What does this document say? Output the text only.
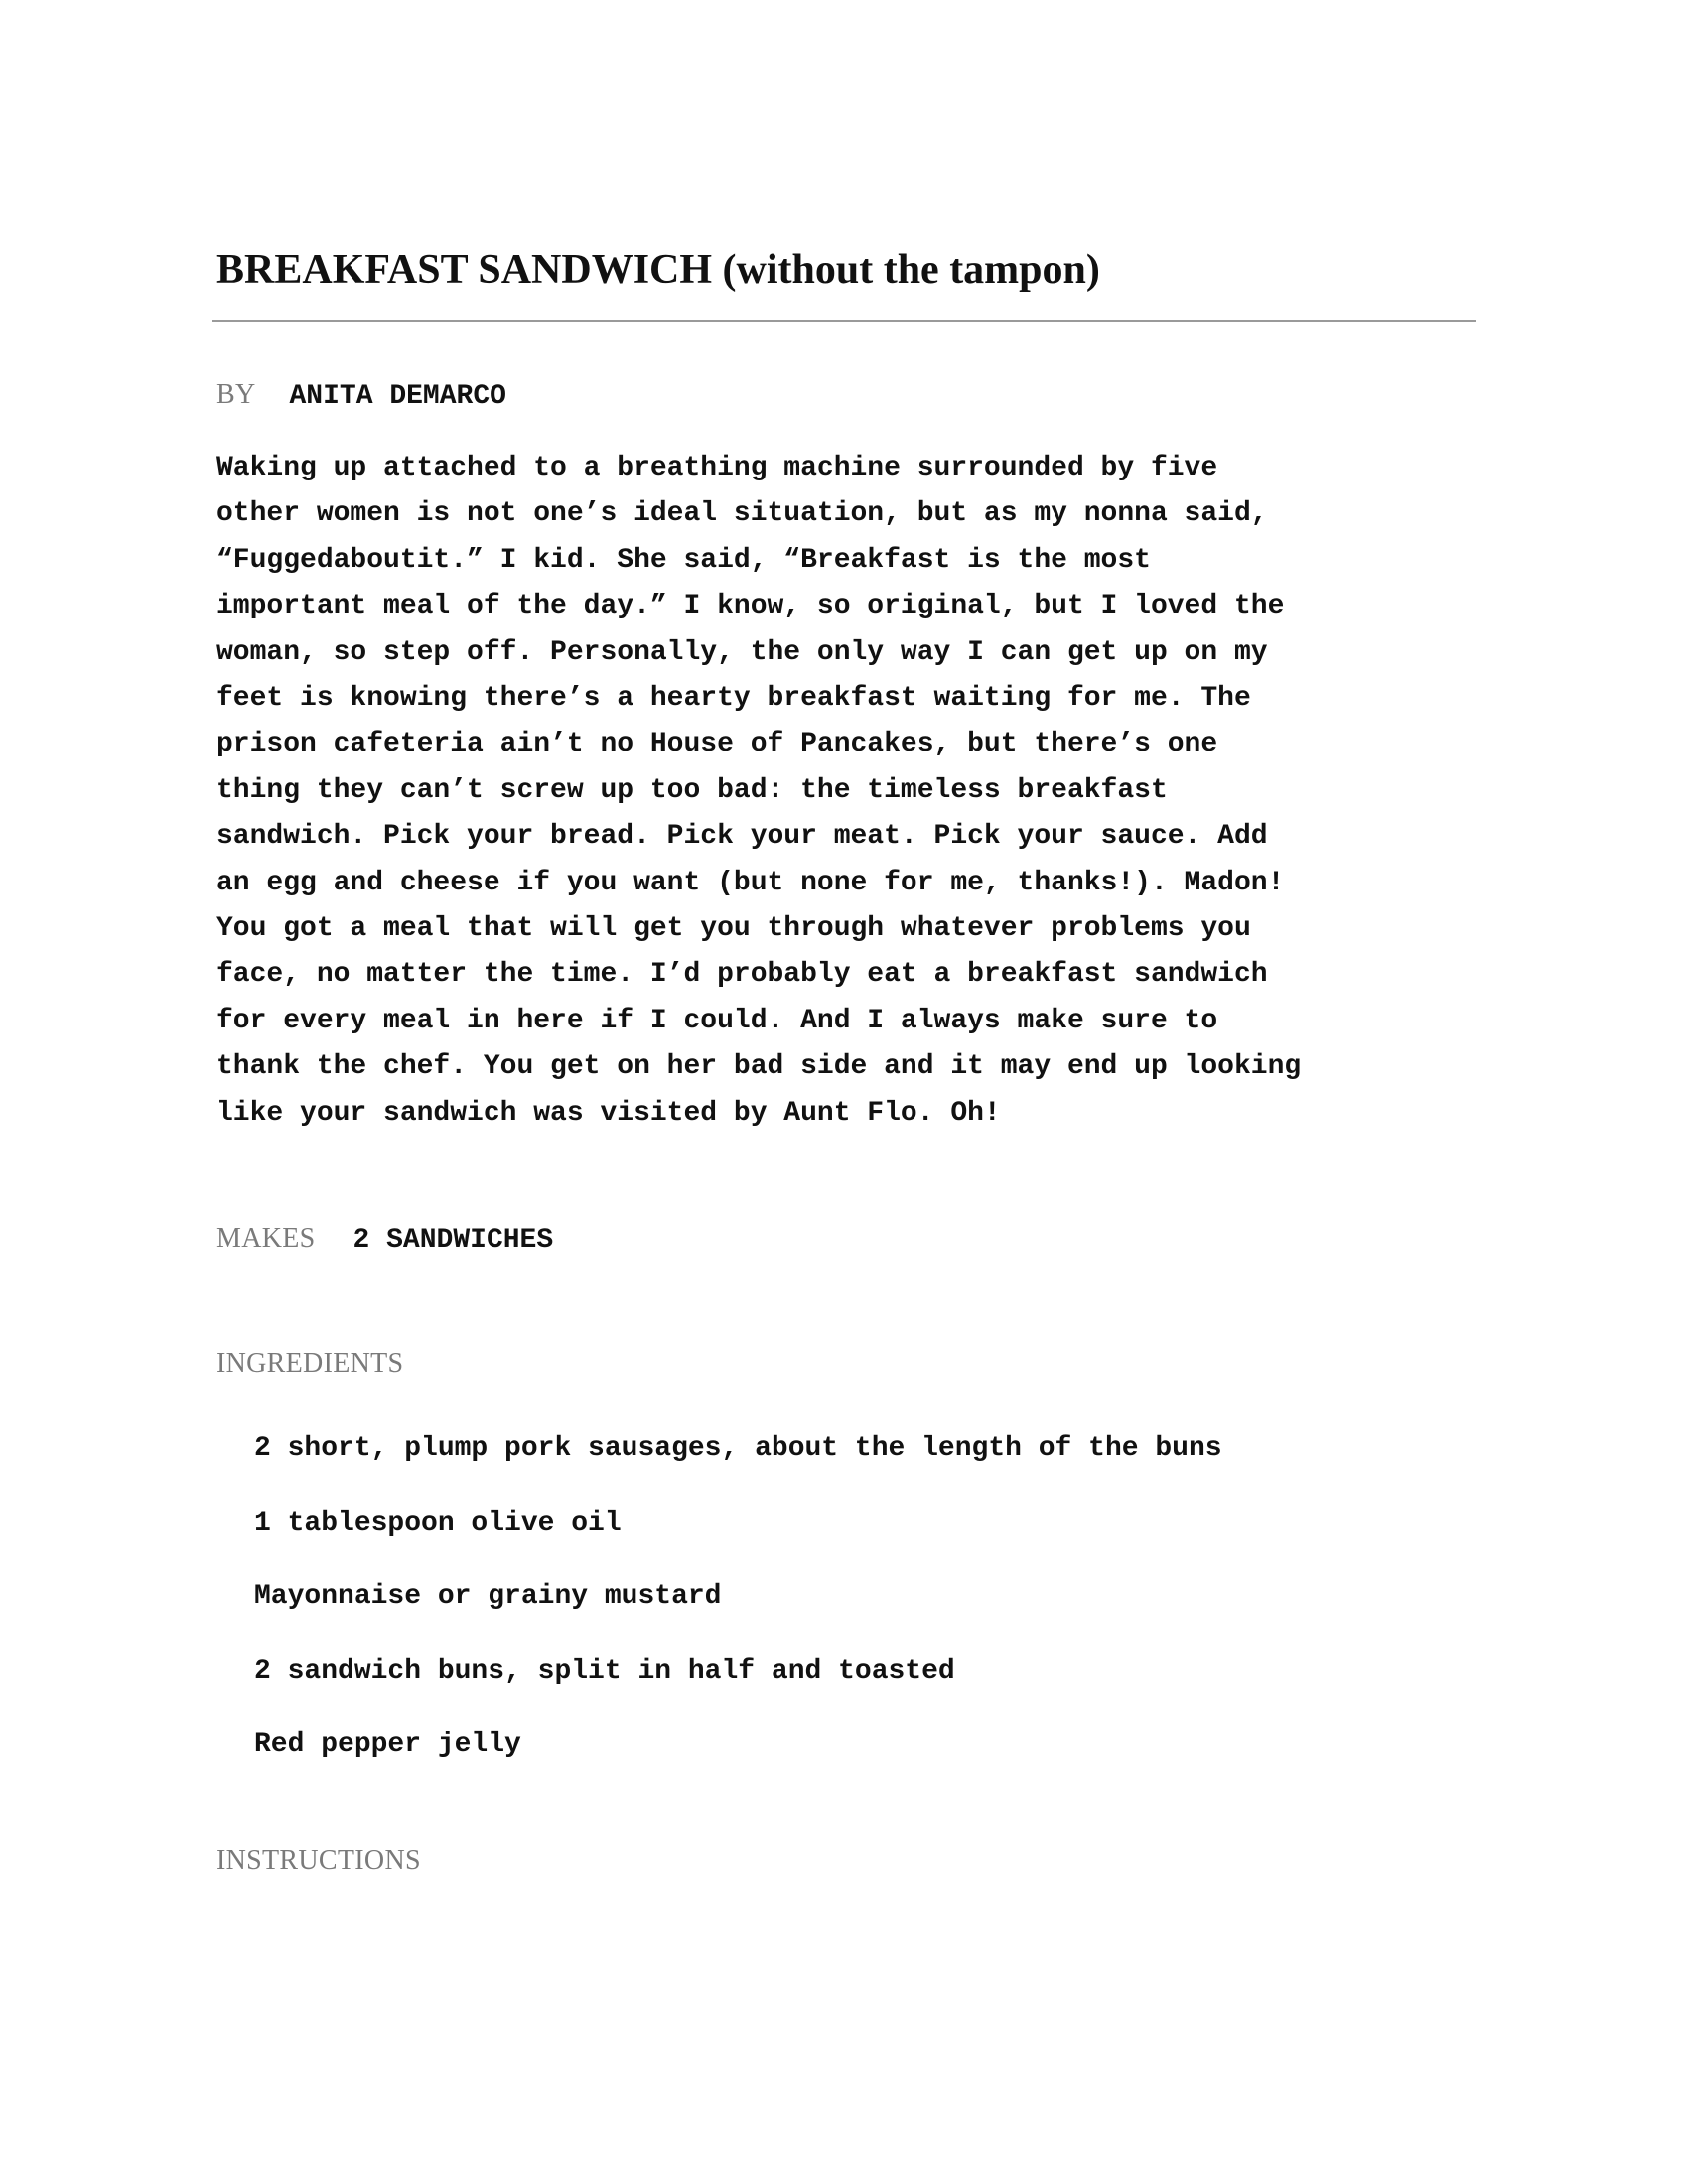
BREAKFAST SANDWICH (without the tampon)
BY ANITA DEMARCO

Waking up attached to a breathing machine surrounded by five
other women is not one’s ideal situation, but as my nonna said,
“Fuggedaboutit.” I kid. She said, “Breakfast is the most
important meal of the day.” I know, so original, but I loved the
woman, so step off. Personally, the only way I can get up on my
feet is knowing there’s a hearty breakfast waiting for me. The
prison cafeteria ain’t no House of Pancakes, but there’s one
thing they can’t screw up too bad: the timeless breakfast
sandwich. Pick your bread. Pick your meat. Pick your sauce. Add
an egg and cheese if you want (but none for me, thanks!). Madon!
You got a meal that will get you through whatever problems you
face, no matter the time. I’d probably eat a breakfast sandwich
for every meal in here if I could. And I always make sure to
thank the chef. You get on her bad side and it may end up looking
like your sandwich was visited by Aunt Flo. Oh!

MAKES 2 SANDWICHES
INGREDIENTS
2 short, plump pork sausages, about the length of the buns
1 tablespoon olive oil
Mayonnaise or grainy mustard
2 sandwich buns, split in half and toasted
Red pepper jelly
INSTRUCTIONS
